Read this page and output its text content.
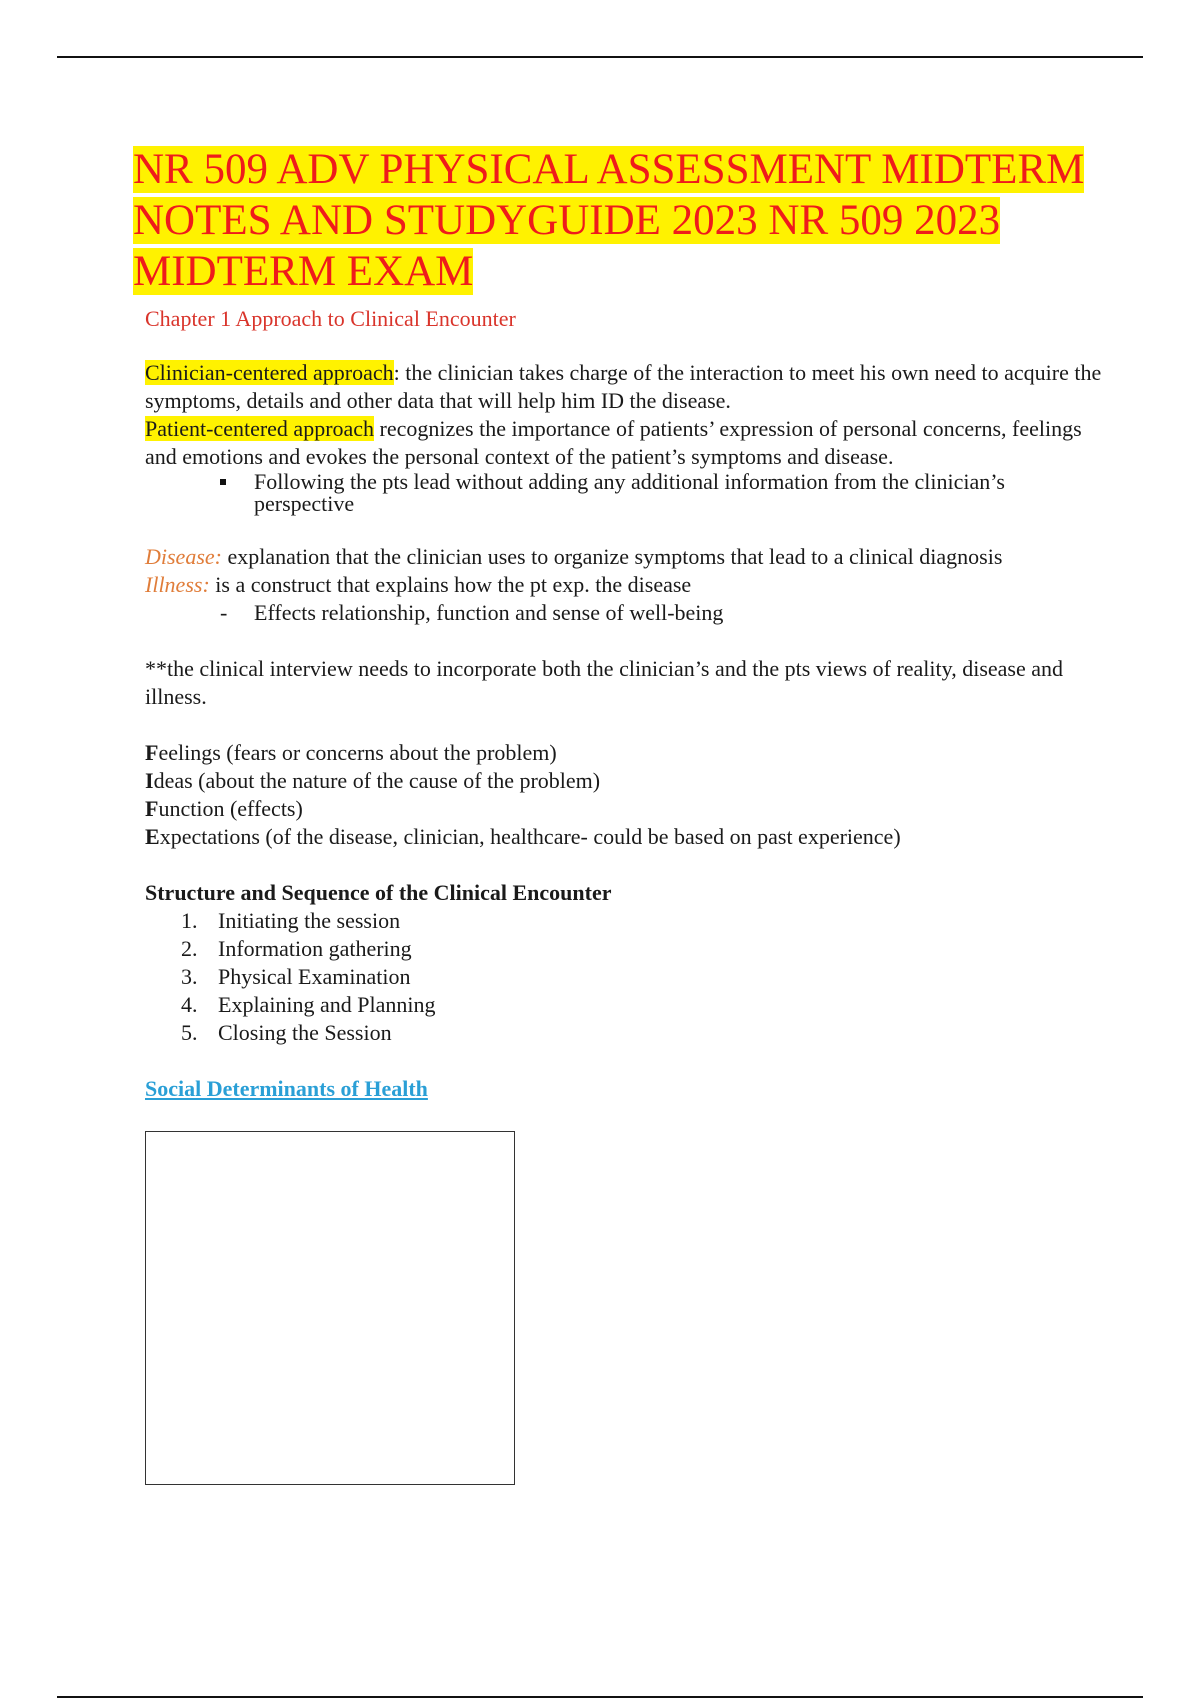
NR 509 ADV PHYSICAL ASSESSMENT MIDTERM NOTES AND STUDYGUIDE 2023 NR 509 2023 MIDTERM EXAM

Chapter 1 Approach to Clinical Encounter

Clinician-centered approach: the clinician takes charge of the interaction to meet his own need to acquire the symptoms, details and other data that will help him ID the disease.

Patient-centered approach recognizes the importance of patients’ expression of personal concerns, feelings and emotions and evokes the personal context of the patient’s symptoms and disease.

Following the pts lead without adding any additional information from the clinician’s perspective

Disease: explanation that the clinician uses to organize symptoms that lead to a clinical diagnosis

Illness: is a construct that explains how the pt exp. the disease

- Effects relationship, function and sense of well-being

**the clinical interview needs to incorporate both the clinician’s and the pts views of reality, disease and illness.

Feelings (fears or concerns about the problem)

Ideas (about the nature of the cause of the problem)

Function (effects)

Expectations (of the disease, clinician, healthcare- could be based on past experience)

Structure and Sequence of the Clinical Encounter

1. Initiating the session
2. Information gathering
3. Physical Examination
4. Explaining and Planning
5. Closing the Session

Social Determinants of Health
